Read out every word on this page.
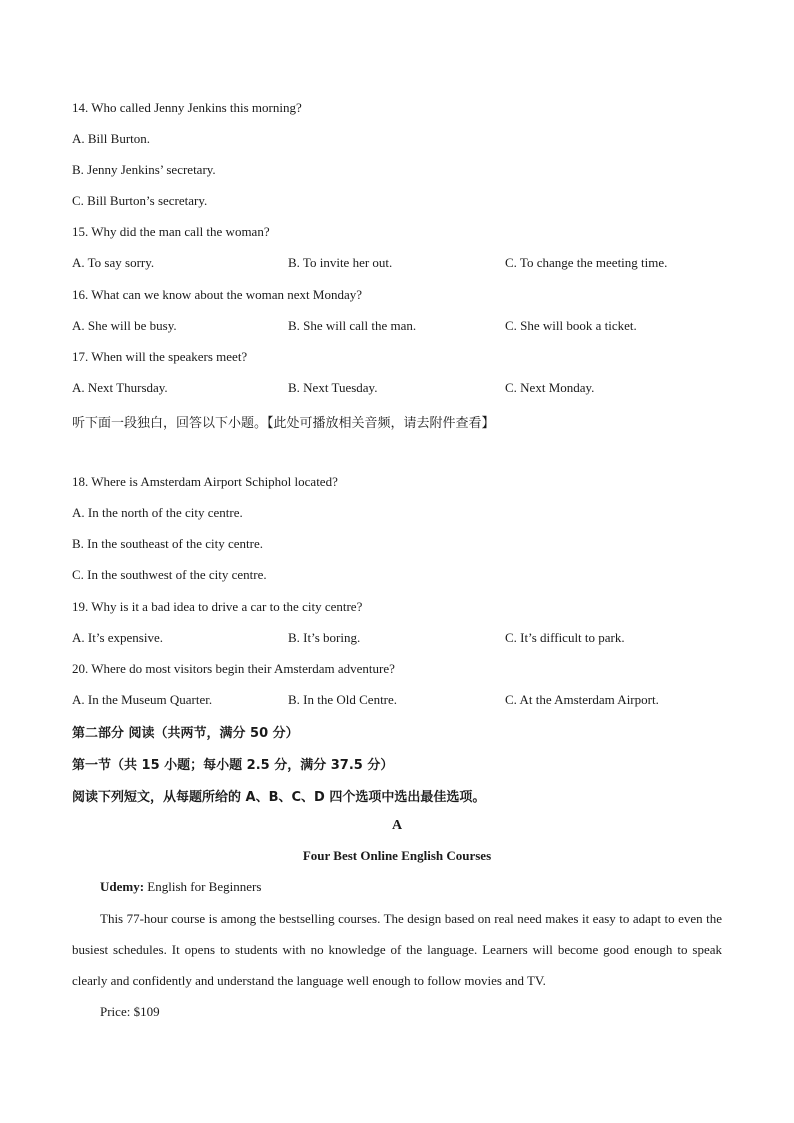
14. Who called Jenny Jenkins this morning?
A. Bill Burton.
B. Jenny Jenkins’ secretary.
C. Bill Burton’s secretary.
15. Why did the man call the woman?
A. To say sorry.	B. To invite her out.	C. To change the meeting time.
16. What can we know about the woman next Monday?
A. She will be busy.	B. She will call the man.	C. She will book a ticket.
17. When will the speakers meet?
A. Next Thursday.	B. Next Tuesday.	C. Next Monday.
听下面一段独白，回答以下小题。【此处可播放相关音频，请去附件查看】
18. Where is Amsterdam Airport Schiphol located?
A. In the north of the city centre.
B. In the southeast of the city centre.
C. In the southwest of the city centre.
19. Why is it a bad idea to drive a car to the city centre?
A. It’s expensive.	B. It’s boring.	C. It’s difficult to park.
20. Where do most visitors begin their Amsterdam adventure?
A. In the Museum Quarter.	B. In the Old Centre.	C. At the Amsterdam Airport.
第二部分 阅读（共两节，满分 50 分）
第一节（共 15 小题；每小题 2.5 分，满分 37.5 分）
阅读下列短文，从每题所给的 A、B、C、D 四个选项中选出最佳选项。
A
Four Best Online English Courses
Udemy: English for Beginners
This 77-hour course is among the bestselling courses. The design based on real need makes it easy to adapt to even the busiest schedules. It opens to students with no knowledge of the language. Learners will become good enough to speak clearly and confidently and understand the language well enough to follow movies and TV.
Price: $109
